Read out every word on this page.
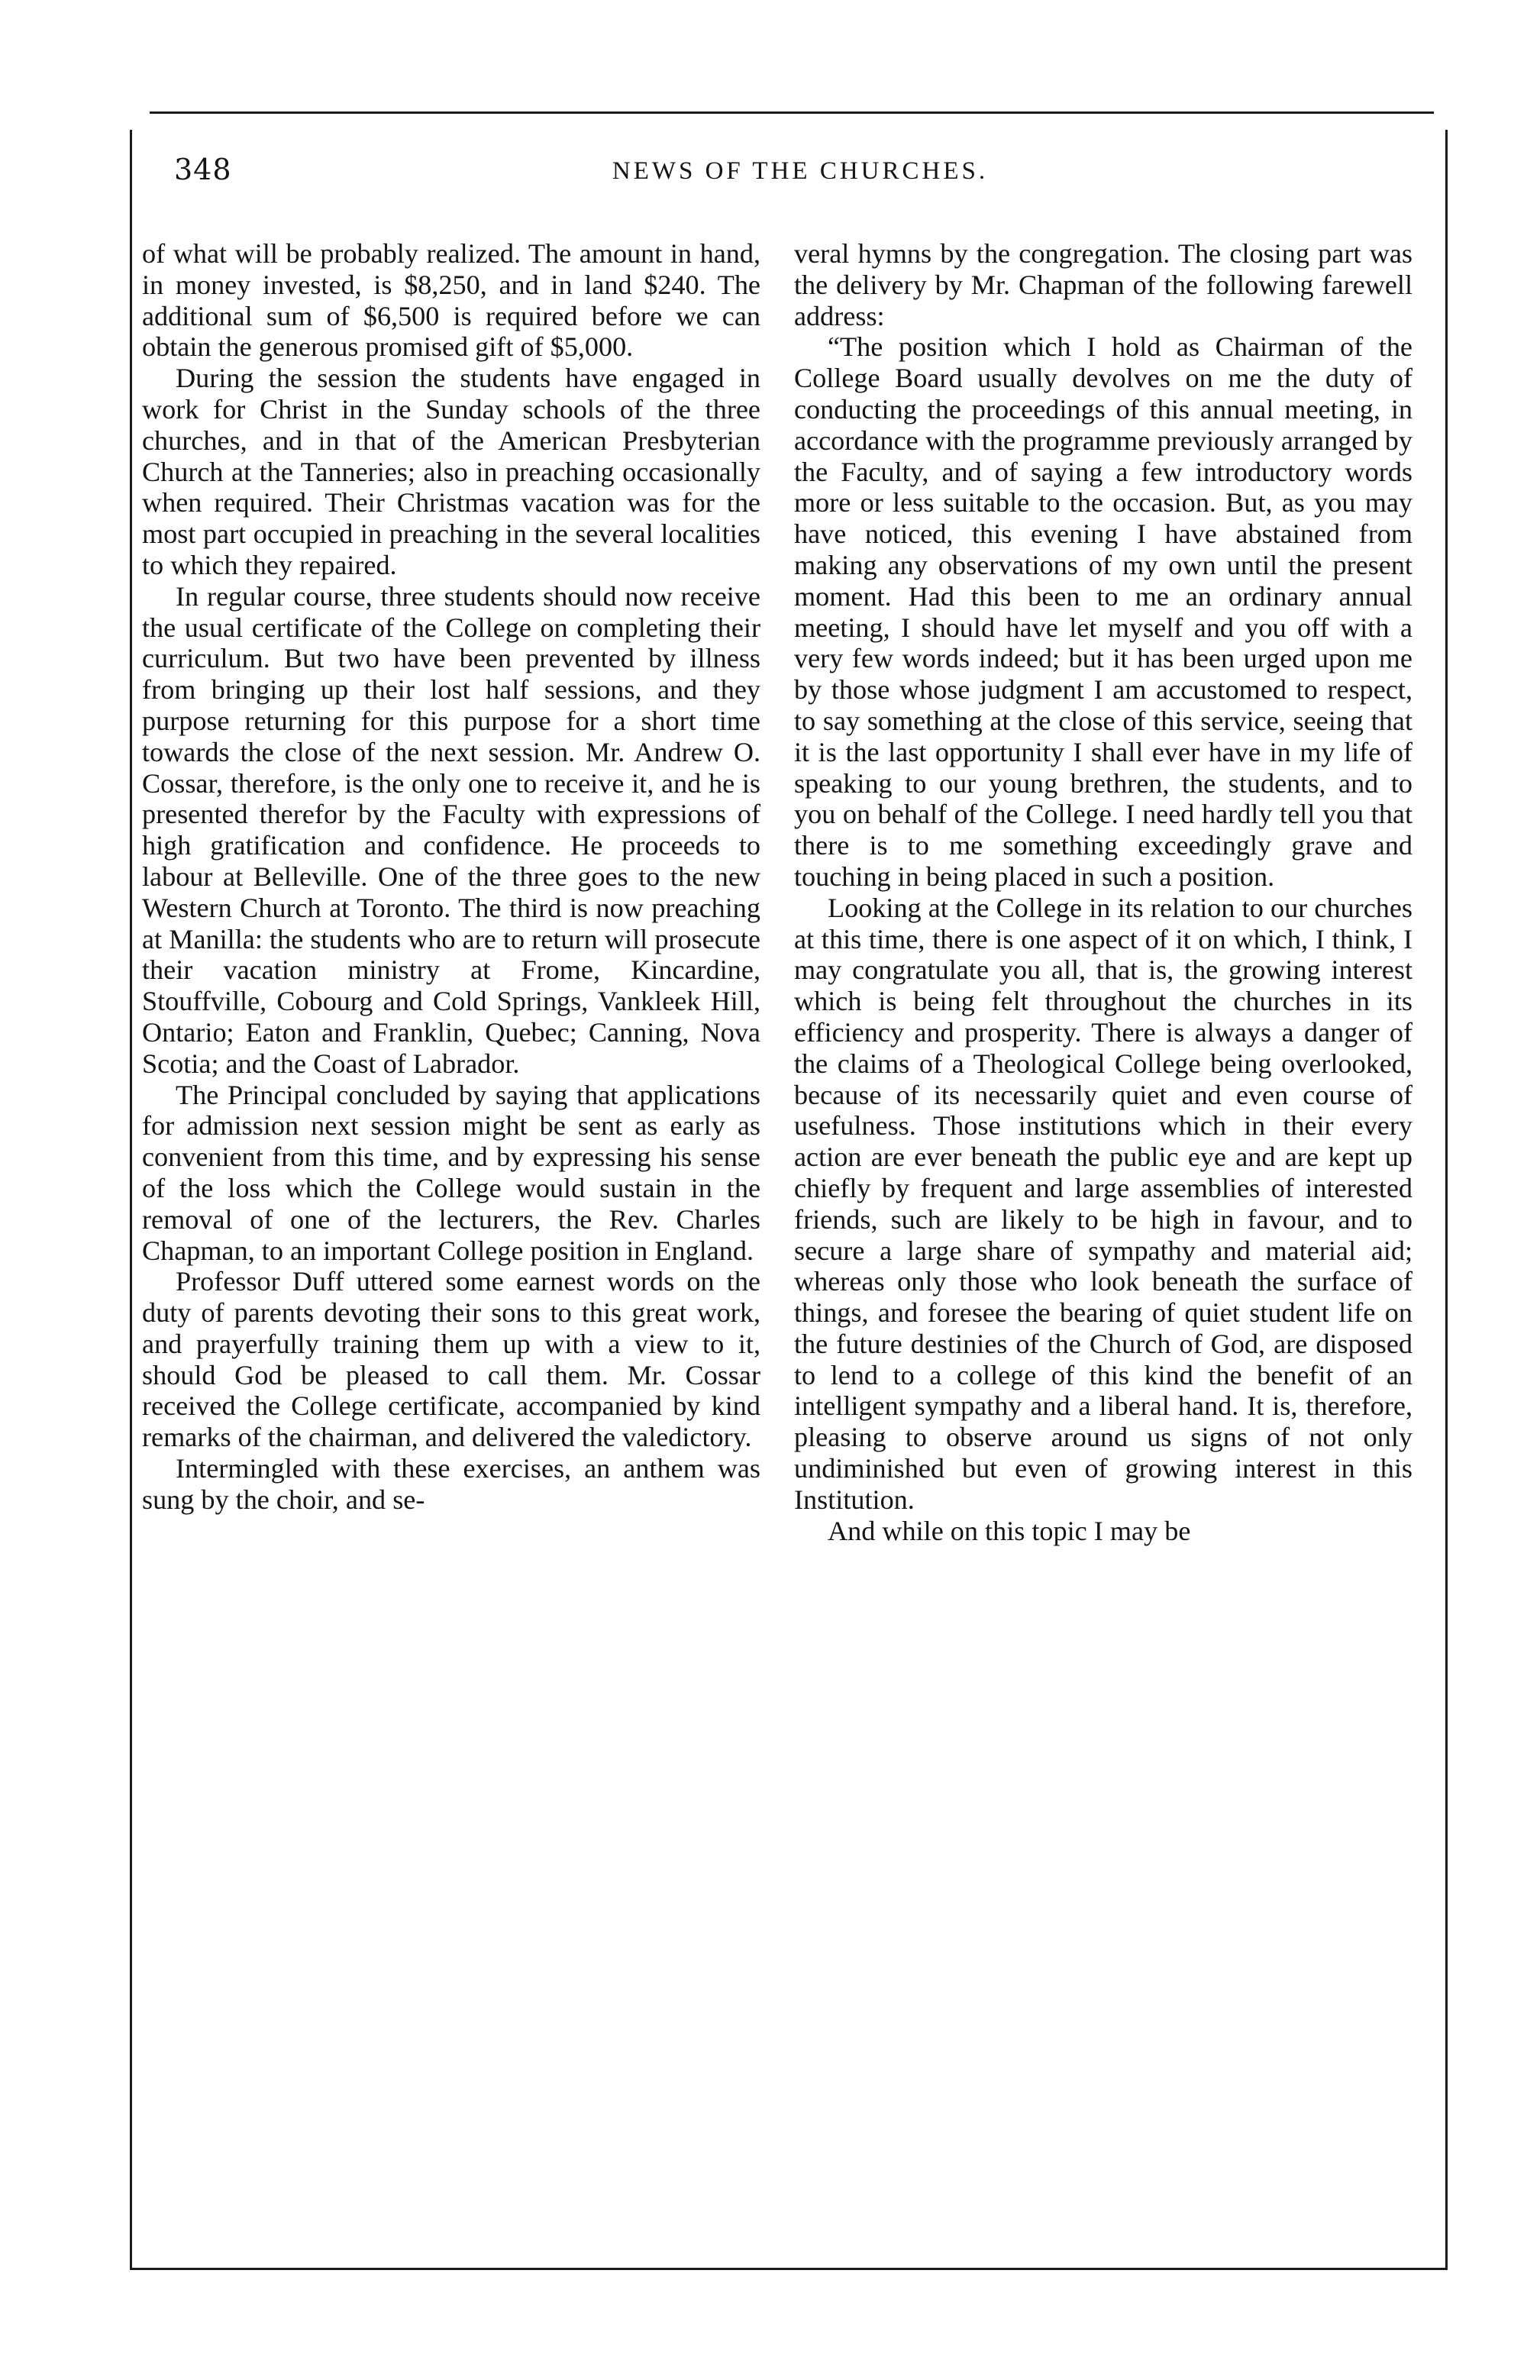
348	NEWS OF THE CHURCHES.

of what will be probably realized. The amount in hand, in money invested, is $8,250, and in land $240. The additional sum of $6,500 is required before we can obtain the generous promised gift of $5,000.

During the session the students have engaged in work for Christ in the Sunday schools of the three churches, and in that of the American Presbyterian Church at the Tanneries; also in preaching occasionally when required. Their Christmas vacation was for the most part occupied in preaching in the several localities to which they repaired.

In regular course, three students should now receive the usual certificate of the College on completing their curriculum. But two have been prevented by illness from bringing up their lost half sessions, and they purpose returning for this purpose for a short time towards the close of the next session. Mr. Andrew O. Cossar, therefore, is the only one to receive it, and he is presented therefor by the Faculty with expressions of high gratification and confidence. He proceeds to labour at Belleville. One of the three goes to the new Western Church at Toronto. The third is now preaching at Manilla: the students who are to return will prosecute their vacation ministry at Frome, Kincardine, Stouffville, Cobourg and Cold Springs, Vankleek Hill, Ontario; Eaton and Franklin, Quebec; Canning, Nova Scotia; and the Coast of Labrador.

The Principal concluded by saying that applications for admission next session might be sent as early as convenient from this time, and by expressing his sense of the loss which the College would sustain in the removal of one of the lecturers, the Rev. Charles Chapman, to an important College position in England.

Professor Duff uttered some earnest words on the duty of parents devoting their sons to this great work, and prayerfully training them up with a view to it, should God be pleased to call them. Mr. Cossar received the College certificate, accompanied by kind remarks of the chairman, and delivered the valedictory.

Intermingled with these exercises, an anthem was sung by the choir, and se-

veral hymns by the congregation. The closing part was the delivery by Mr. Chapman of the following farewell address:

“The position which I hold as Chairman of the College Board usually devolves on me the duty of conducting the proceedings of this annual meeting, in accordance with the programme previously arranged by the Faculty, and of saying a few introductory words more or less suitable to the occasion. But, as you may have noticed, this evening I have abstained from making any observations of my own until the present moment. Had this been to me an ordinary annual meeting, I should have let myself and you off with a very few words indeed; but it has been urged upon me by those whose judgment I am accustomed to respect, to say something at the close of this service, seeing that it is the last opportunity I shall ever have in my life of speaking to our young brethren, the students, and to you on behalf of the College. I need hardly tell you that there is to me something exceedingly grave and touching in being placed in such a position.

Looking at the College in its relation to our churches at this time, there is one aspect of it on which, I think, I may congratulate you all, that is, the growing interest which is being felt throughout the churches in its efficiency and prosperity. There is always a danger of the claims of a Theological College being overlooked, because of its necessarily quiet and even course of usefulness. Those institutions which in their every action are ever beneath the public eye and are kept up chiefly by frequent and large assemblies of interested friends, such are likely to be high in favour, and to secure a large share of sympathy and material aid; whereas only those who look beneath the surface of things, and foresee the bearing of quiet student life on the future destinies of the Church of God, are disposed to lend to a college of this kind the benefit of an intelligent sympathy and a liberal hand. It is, therefore, pleasing to observe around us signs of not only undiminished but even of growing interest in this Institution.

And while on this topic I may be
